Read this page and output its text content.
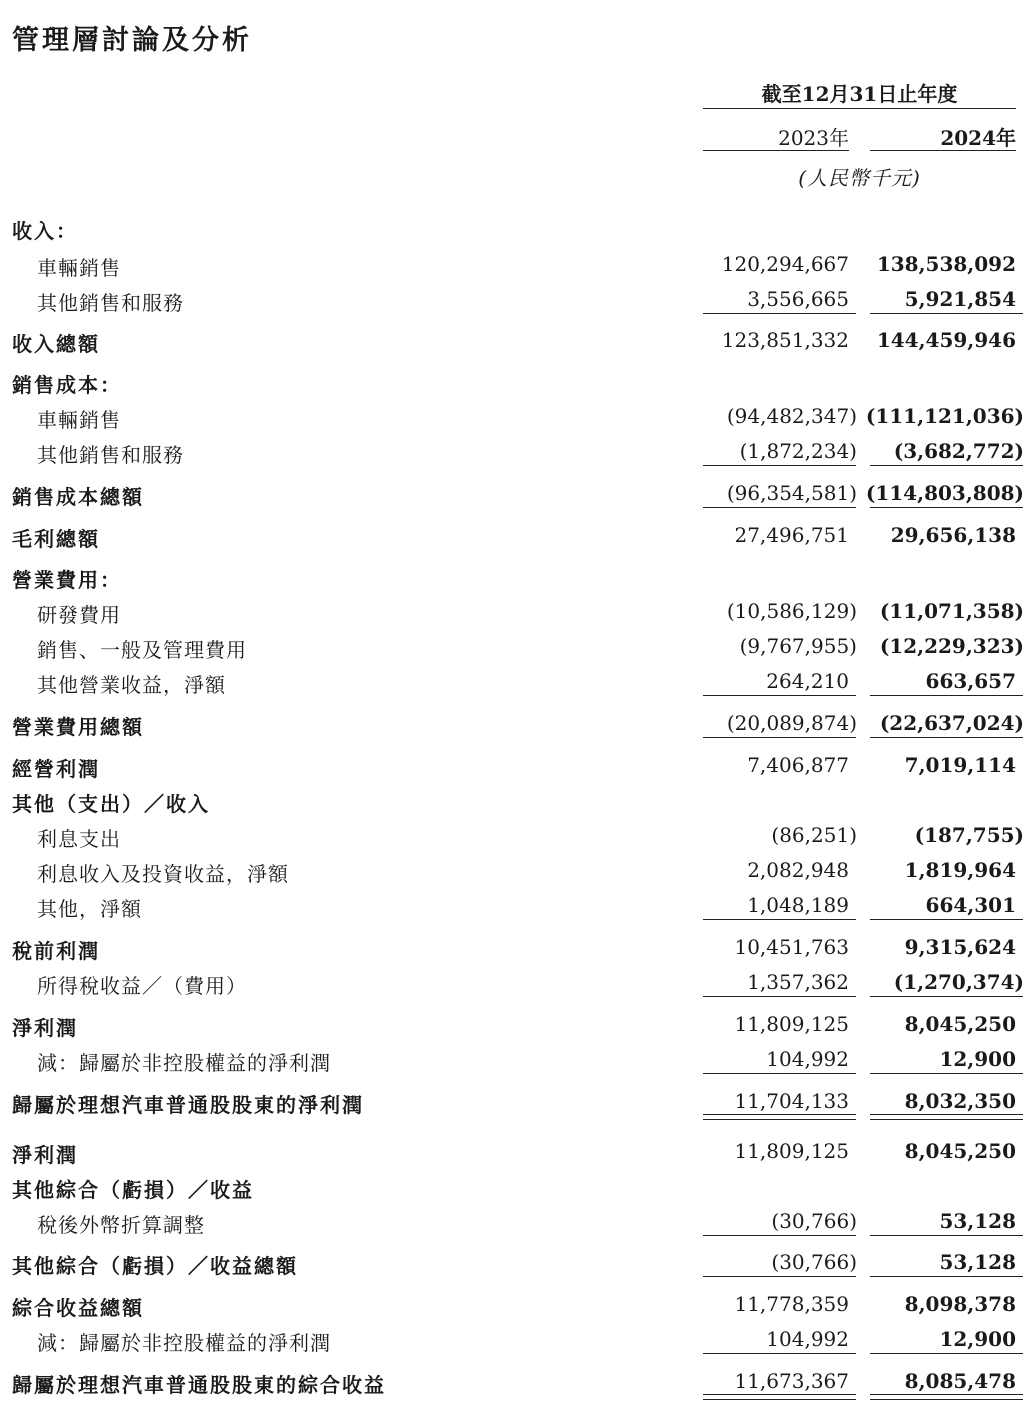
管理層討論及分析
截至12月31日止年度
2023年	2024年
(人民幣千元)
收入：
車輛銷售	120,294,667 138,538,092
其他銷售和服務	3,556,665	5,921,854
收入總額	123,851,332 144,459,946
銷售成本：
車輛銷售	(94,482,347) (111,121,036)
其他銷售和服務	(1,872,234) (3,682,772)
銷售成本總額	(96,354,581) (114,803,808)
毛利總額	27,496,751 29,656,138
營業費用：
研發費用	(10,586,129) (11,071,358)
銷售、一般及管理費用	(9,767,955) (12,229,323)
其他營業收益，淨額	264,210	663,657
營業費用總額	(20,089,874) (22,637,024)
經營利潤	7,406,877	7,019,114
其他（支出）／收入
利息支出	(86,251)	(187,755)
利息收入及投資收益，淨額	2,082,948	1,819,964
其他，淨額	1,048,189	664,301
稅前利潤	10,451,763	9,315,624
所得稅收益／（費用）	1,357,362 (1,270,374)
淨利潤	11,809,125	8,045,250
減：歸屬於非控股權益的淨利潤	104,992	12,900
歸屬於理想汽車普通股股東的淨利潤	11,704,133	8,032,350
淨利潤	11,809,125	8,045,250
其他綜合（虧損）／收益
稅後外幣折算調整	(30,766)	53,128
其他綜合（虧損）／收益總額	(30,766)	53,128
綜合收益總額	11,778,359	8,098,378
減：歸屬於非控股權益的淨利潤	104,992	12,900
歸屬於理想汽車普通股股東的綜合收益	11,673,367	8,085,478
